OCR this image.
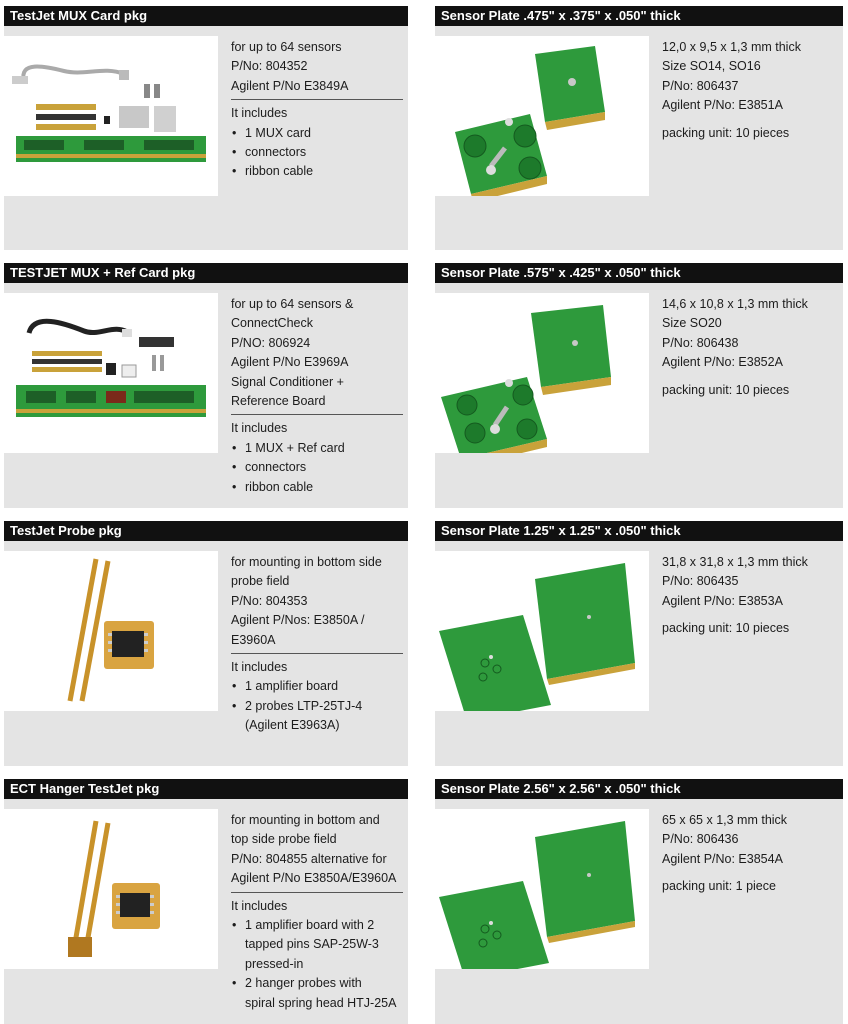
TestJet MUX Card pkg
for up to 64 sensors
P/No: 804352
Agilent P/No E3849A
It includes
• 1 MUX card
• connectors
• ribbon cable
TESTJET MUX + Ref Card pkg
for up to 64 sensors &
ConnectCheck
P/NO: 806924
Agilent P/No E3969A
Signal Conditioner +
Reference Board
It includes
• 1 MUX + Ref card
• connectors
• ribbon cable
TestJet Probe pkg
for mounting in bottom side
probe field
P/No: 804353
Agilent P/Nos: E3850A /
E3960A
It includes
• 1 amplifier board
• 2 probes LTP-25TJ-4
(Agilent E3963A)
ECT Hanger TestJet pkg
for mounting in bottom and
top side probe field
P/No: 804855 alternative for
Agilent P/No E3850A/E3960A
It includes
• 1 amplifier board with 2
tapped pins SAP-25W-3
pressed-in
• 2 hanger probes with
spiral spring head HTJ-25A
Sensor Plate .475" x .375" x .050" thick
12,0 x 9,5 x 1,3 mm thick
Size SO14, SO16
P/No: 806437
Agilent P/No: E3851A
packing unit: 10 pieces
Sensor Plate .575" x .425" x .050" thick
14,6 x 10,8 x 1,3 mm thick
Size SO20
P/No: 806438
Agilent P/No: E3852A
packing unit: 10 pieces
Sensor Plate 1.25" x 1.25" x .050" thick
31,8 x 31,8 x 1,3 mm thick
P/No: 806435
Agilent P/No: E3853A
packing unit: 10 pieces
Sensor Plate 2.56" x 2.56" x .050" thick
65 x 65 x 1,3 mm thick
P/No: 806436
Agilent P/No: E3854A
packing unit: 1 piece
